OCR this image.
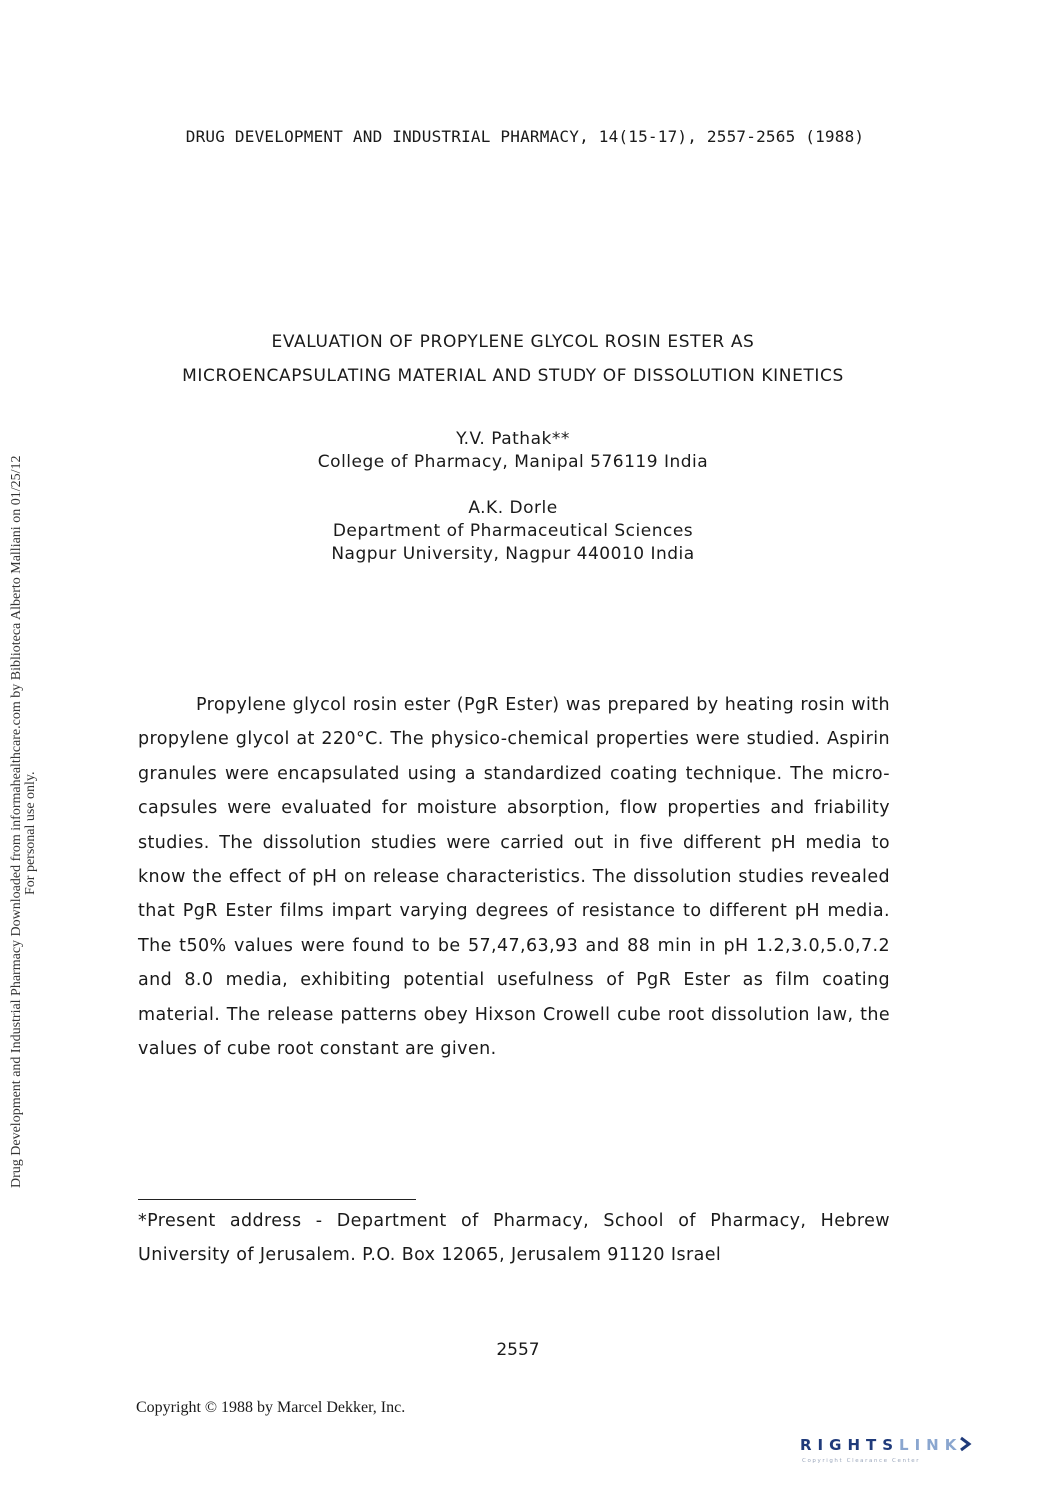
DRUG DEVELOPMENT AND INDUSTRIAL PHARMACY, 14(15-17), 2557-2565 (1988)
Drug Development and Industrial Pharmacy Downloaded from informahealthcare.com by Biblioteca Alberto Malliani on 01/25/12 For personal use only.
EVALUATION OF PROPYLENE GLYCOL ROSIN ESTER AS
MICROENCAPSULATING MATERIAL AND STUDY OF DISSOLUTION KINETICS
Y.V. Pathak**
College of Pharmacy, Manipal 576119 India
A.K. Dorle
Department of Pharmaceutical Sciences
Nagpur University, Nagpur 440010 India

Propylene glycol rosin ester (PgR Ester) was prepared by heating rosin with propylene glycol at 220°C. The physico-chemical properties were studied. Aspirin granules were encapsulated using a standardized coating technique. The micro-capsules were evaluated for moisture absorption, flow properties and friability studies. The dissolution studies were carried out in five different pH media to know the effect of pH on release characteristics. The dissolution studies revealed that PgR Ester films impart varying degrees of resistance to different pH media. The t50% values were found to be 57,47,63,93 and 88 min in pH 1.2,3.0,5.0,7.2 and 8.0 media, exhibiting potential usefulness of PgR Ester as film coating material. The release patterns obey Hixson Crowell cube root dissolution law, the values of cube root constant are given.

*Present address - Department of Pharmacy, School of Pharmacy, Hebrew University of Jerusalem. P.O. Box 12065, Jerusalem 91120 Israel

2557
Copyright © 1988 by Marcel Dekker, Inc.
RIGHTSLINK
Copyright Clearance Center
